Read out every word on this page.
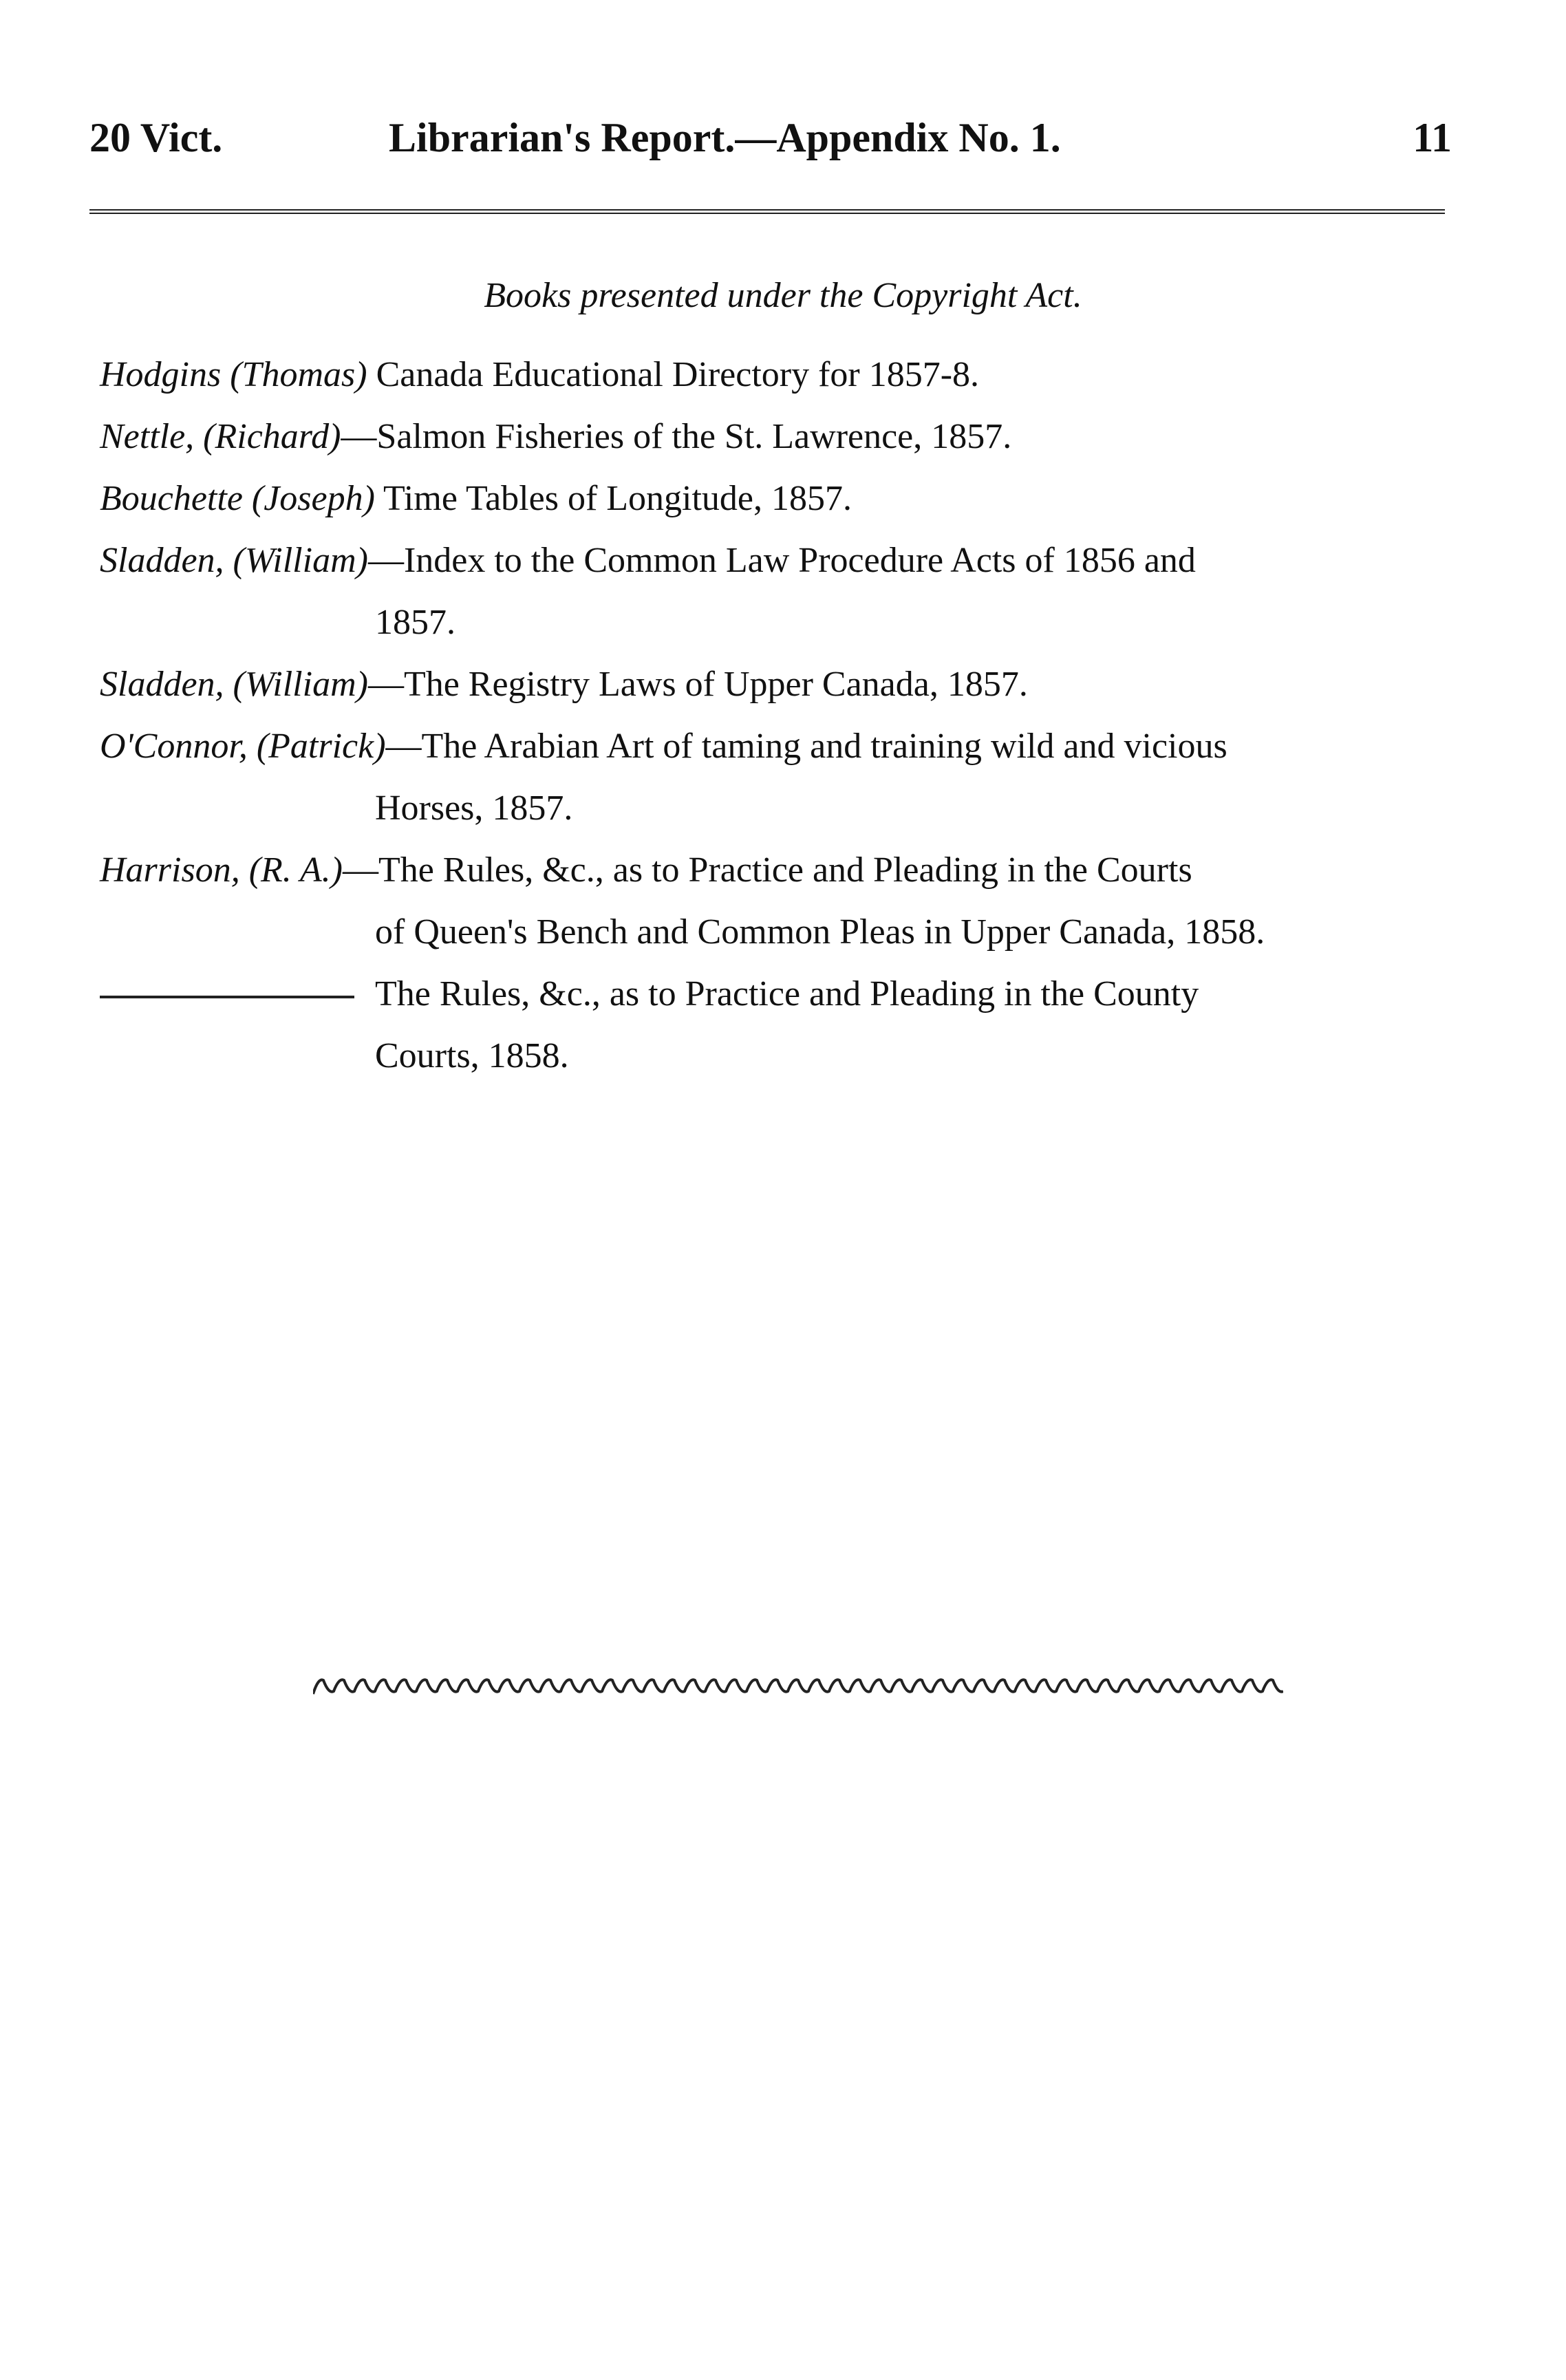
20 Vict.	Librarian's Report.—Appendix No. 1.	11
Books presented under the Copyright Act.
Hodgins (Thomas) Canada Educational Directory for 1857-8.
Nettle, (Richard)—Salmon Fisheries of the St. Lawrence, 1857.
Bouchette (Joseph) Time Tables of Longitude, 1857.
Sladden, (William)—Index to the Common Law Procedure Acts of 1856 and
1857.
Sladden, (William)—The Registry Laws of Upper Canada, 1857.
O'Connor, (Patrick)—The Arabian Art of taming and training wild and vicious
Horses, 1857.
Harrison, (R. A.)—The Rules, &c., as to Practice and Pleading in the Courts
of Queen's Bench and Common Pleas in Upper Canada, 1858.
The Rules, &c., as to Practice and Pleading in the County
Courts, 1858.
